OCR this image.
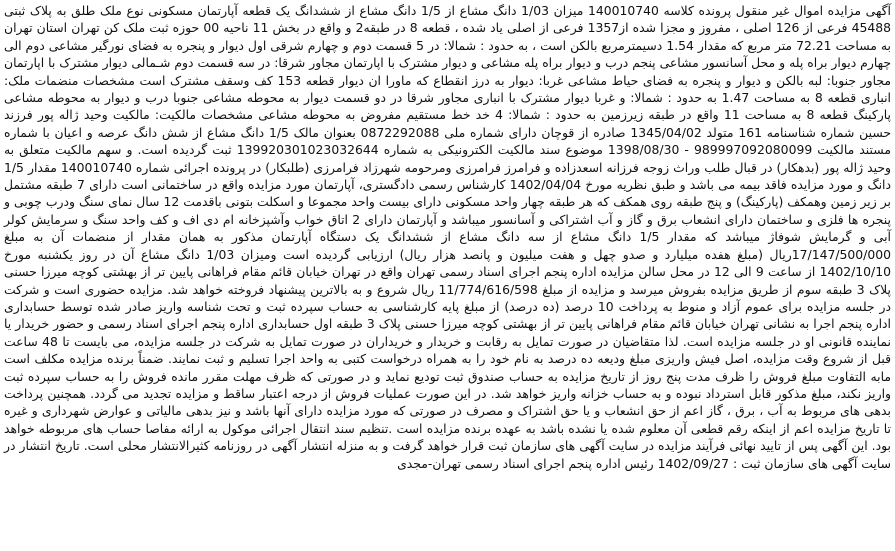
آگهی مزایده اموال غیر منقول پرونده کلاسه 140010740 میزان 1/03 دانگ مشاع از 1/5 دانگ مشاع از ششدانگ یک قطعه آپارتمان مسکونی نوع ملک طلق به پلاک ثبتی 45488 فرعی از 126 اصلی ، مفروز و مجزا شده از1357 فرعی از اصلی یاد شده ، قطعه 8 در طبقه2 و واقع در بخش 11 ناحیه 00 حوزه ثبت ملک کن تهران استان تهران به مساحت 72.21 متر مربع که مقدار 1.54 دسیمترمربع بالکن است ، به حدود : شمالا: در 5 قسمت دوم و چهارم شرقی اول دیوار و پنجره به فضای نورگیر مشاعی دوم الی چهارم دیوار براه پله و محل آسانسور مشاعی پنجم درب و دیوار براه پله مشاعی و دیوار مشترک با اپارتمان مجاور شرقا: در سه قسمت دوم شـمالی دیوار مشترک با اپارتمان مجاور جنوبا: لبه بالکن و دیوار و پنجره به فضای حیاط مشاعی غربا: دیوار به درز انقطاع که ماورا ان دیوار قطعه 153 کف وسقف مشترک است مشخصات منضمات ملک: انباری قطعه 8 به مساحت 1.47 به حدود : شمالا: و غربا دیوار مشترک با انباری مجاور شرقا در دو قسمت دیوار به محوطه مشاعی جنوبا درب و دیوار به محوطه مشاعی پارکینگ قطعه 8 به مساحت 11 واقع در طبقه زیرزمین به حدود : شمالا: 4 خد خط مستقیم مفروض به محوطه مشاعی مشخصات مالکیت: مالکیت وحید ژاله پور فرزند حسین شماره شناسنامه 161 متولد 1345/04/02 صادره از قوچان دارای شماره ملی 0872292088 بعنوان مالک 1/5 دانگ مشاع از شش دانگ عرصه و اعیان با شماره مستند مالکیت 989997092080099 - 1398/08/30 موضوع سند مالکیت الکترونیکی به شماره 139920301023032644 ثبت گردیده است. و سهم مالکیت متعلق به وحید ژاله پور (بدهکار) در قبال طلب وراث زوجه فرزانه اسعدزاده و فرامرز فرامرزی ومرحومه شهرزاد فرامرزی (طلبکار) در پرونده اجرائی شماره 140010740 مقدار 1/5 دانگ و مورد مزایده فاقد بیمه می باشد و طبق نظریه مورخ 1402/04/04 کارشناس رسمی دادگستری، آپارتمان مورد مزایده واقع در ساختمانی است دارای 7 طبقه مشتمل بر زیر زمین وهمکف (پارکینگ) و پنج طبقه روی همکف که هر طبقه چهار واحد مسکونی دارای بیست واحد مجموعا و اسکلت بتونی باقدمت 12 سال نمای سنگ ودرب چوبی و پنجره ها فلزی و ساختمان دارای انشعاب برق و گاز و آب اشتراکی و آسانسور میباشد و آپارتمان دارای 2 اتاق خواب وآشپزخانه ام دی اف و کف واحد سنگ و سرمایش کولر آبی و گرمایش شوفاژ میباشد که مقدار 1/5 دانگ مشاع از سه دانگ مشاع از ششدانگ یک دستگاه آپارتمان مذکور به همان مقدار از منضمات آن به مبلغ 17/147/500/000ریال (مبلغ هفده میلیارد و صدو چهل و هفت میلیون و پانصد هزار ریال) ارزیابی گردیده است ومیزان 1/03 دانگ مشاع آن در روز یکشنبه مورخ 1402/10/10 از ساعت 9 الی 12 در محل سالن مزایده اداره پنجم اجرای اسناد رسمی تهران واقع در تهران خیابان قائم مقام فراهانی پایین تر از بهشتی کوچه میرزا حسنی پلاک 3 طبقه سوم از طریق مزایده بفروش میرسد و مزایده از مبلغ 11/774/616/598 ریال شروع و به بالاترین پیشنهاد فروخته خواهد شد. مزایده حضوری است و شرکت در جلسه مزایده برای عموم آزاد و منوط به پرداخت 10 درصد (ده درصد) از مبلغ پایه کارشناسی به حساب سپرده ثبت و تحت شناسه واریز صادر شده توسط حسابداری اداره پنجم اجرا به نشانی تهران خیابان قائم مقام فراهانی پایین تر از بهشتی کوچه میرزا حسنی پلاک 3 طبقه اول حسابداری اداره پنجم اجرای اسناد رسمی و حضور خریدار یا نماینده قانونی او در جلسه مزایده است. لذا متقاضیان در صورت تمایل به رقابت و خریدار و خریداران در صورت تمایل به شرکت در جلسه مزایده، می بایست تا 48 ساعت قبل از شروع وقت مزایده، اصل فیش واریزی مبلغ ودیعه ده درصد به نام خود را به همراه درخواست کتبی به واحد اجرا تسلیم و ثبت نمایند. ضمناً برنده مزایده مکلف است مابه التفاوت مبلغ فروش را ظرف مدت پنج روز از تاریخ مزایده به حساب صندوق ثبت تودیع نماید و در صورتی که ظرف مهلت مقرر مانده فروش را به حساب سپرده ثبت واریز نکند، مبلغ مذکور قابل استرداد نبوده و به حساب خزانه واریز خواهد شد. در این صورت عملیات فروش از درجه اعتبار ساقط و مزایده تجدید می گردد. همچنین پرداخت بدهی های مربوط به آب ، برق ، گاز اعم از حق انشعاب و یا حق اشتراک و مصرف در صورتی که مورد مزایده دارای آنها باشد و نیز بدهی مالیاتی و عوارض شهرداری و غیره تا تاریخ مزایده اعم از اینکه رقم قطعی آن معلوم شده یا نشده باشد به عهده برنده مزایده است .تنظیم سند انتقال اجرائی موکول به ارائه مفاصا حساب های مربوطه خواهد بود. این آگهی پس از تایید نهائی فرآیند مزایده در سایت آگهی های سازمان ثبت قرار خواهد گرفت و به منزله انتشار آگهی در روزنامه کثیرالانتشار محلی است. تاریخ انتشار در سایت آگهی های سازمان ثبت : 1402/09/27 رئیس اداره پنجم اجرای اسناد رسمی تهران-مجدی
